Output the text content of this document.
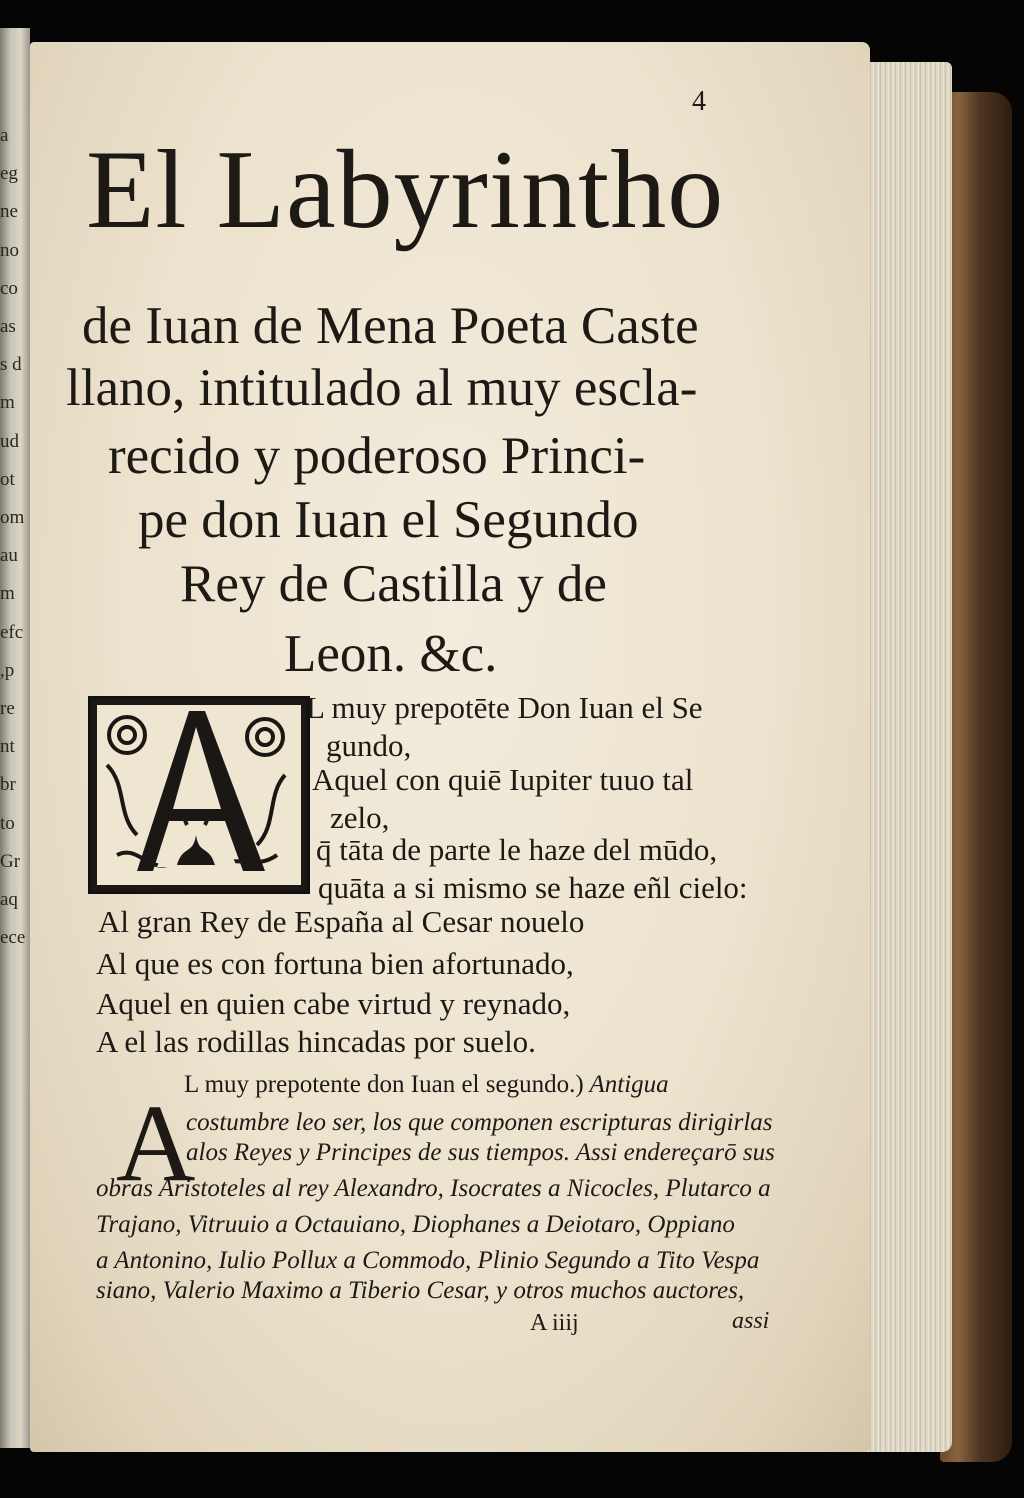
a
eg
ne
no
co
as
s d
m
ud
ot
om
au
m
efc
,p
re
nt
br
to
Gr
aq
ece
4
El Labyrintho
de Iuan de Mena Poeta Caste
llano, intitulado al muy escla-
recido y poderoso Princi-
pe don Iuan el Segundo
Rey de Castilla y de
Leon. &c.
L muy prepotēte Don Iuan el Se
gundo,
Aquel con quiē Iupiter tuuo tal
zelo,
q̄ tāta de parte le haze del mūdo,
quāta a si mismo se haze eñl cielo:
Al gran Rey de España al Cesar nouelo
Al que es con fortuna bien afortunado,
Aquel en quien cabe virtud y reynado,
A el las rodillas hincadas por suelo.
A
L muy prepotente don Iuan el segundo.) Antigua
costumbre leo ser, los que componen escripturas dirigirlas
alos Reyes y Principes de sus tiempos. Assi endereçarō sus
obras Aristoteles al rey Alexandro, Isocrates a Nicocles, Plutarco a
Trajano, Vitruuio a Octauiano, Diophanes a Deiotaro, Oppiano
a Antonino, Iulio Pollux a Commodo, Plinio Segundo a Tito Vespa
siano, Valerio Maximo a Tiberio Cesar, y otros muchos auctores,
A iiij	assi
